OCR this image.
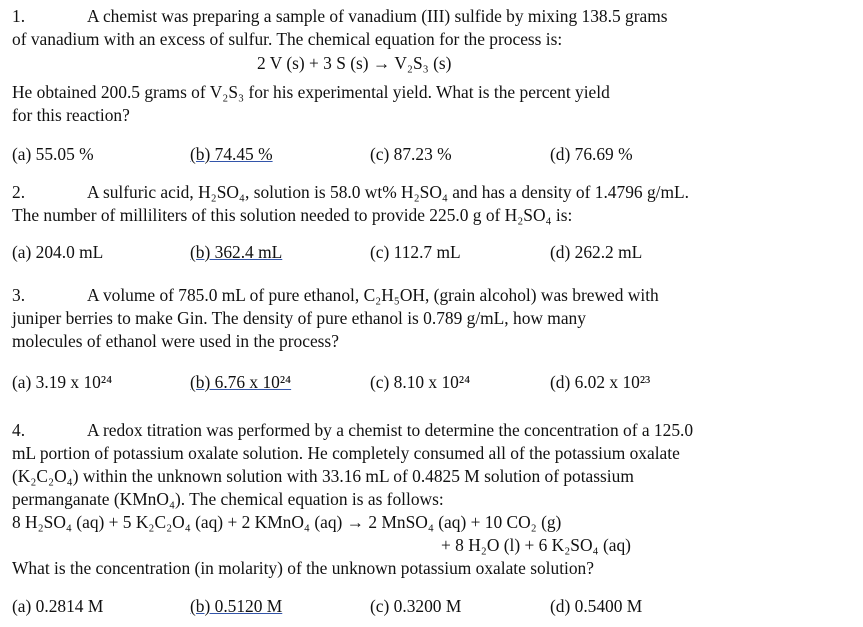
1.	A chemist was preparing a sample of vanadium (III) sulfide by mixing 138.5 grams
of vanadium with an excess of sulfur. The chemical equation for the process is:
2 V (s) + 3 S (s) → V₂S₃ (s)
He obtained 200.5 grams of V₂S₃ for his experimental yield. What is the percent yield
for this reaction?
(a) 55.05 %	(b) 74.45 %	(c) 87.23 %	(d) 76.69 %
2.	A sulfuric acid, H₂SO₄, solution is 58.0 wt% H₂SO₄ and has a density of 1.4796 g/mL.
The number of milliliters of this solution needed to provide 225.0 g of H₂SO₄ is:
(a) 204.0 mL	(b) 362.4 mL	(c) 112.7 mL	(d) 262.2 mL
3.	A volume of 785.0 mL of pure ethanol, C₂H₅OH, (grain alcohol) was brewed with
juniper berries to make Gin. The density of pure ethanol is 0.789 g/mL, how many
molecules of ethanol were used in the process?
(a) 3.19 x 10²⁴	(b) 6.76 x 10²⁴	(c) 8.10 x 10²⁴	(d) 6.02 x 10²³
4.	A redox titration was performed by a chemist to determine the concentration of a 125.0
mL portion of potassium oxalate solution. He completely consumed all of the potassium oxalate
(K₂C₂O₄) within the unknown solution with 33.16 mL of 0.4825 M solution of potassium
permanganate (KMnO₄). The chemical equation is as follows:
8 H₂SO₄ (aq) + 5 K₂C₂O₄ (aq) + 2 KMnO₄ (aq) → 2 MnSO₄ (aq) + 10 CO₂ (g)
+ 8 H₂O (l) + 6 K₂SO₄ (aq)
What is the concentration (in molarity) of the unknown potassium oxalate solution?
(a) 0.2814 M	(b) 0.5120 M	(c) 0.3200 M	(d) 0.5400 M
